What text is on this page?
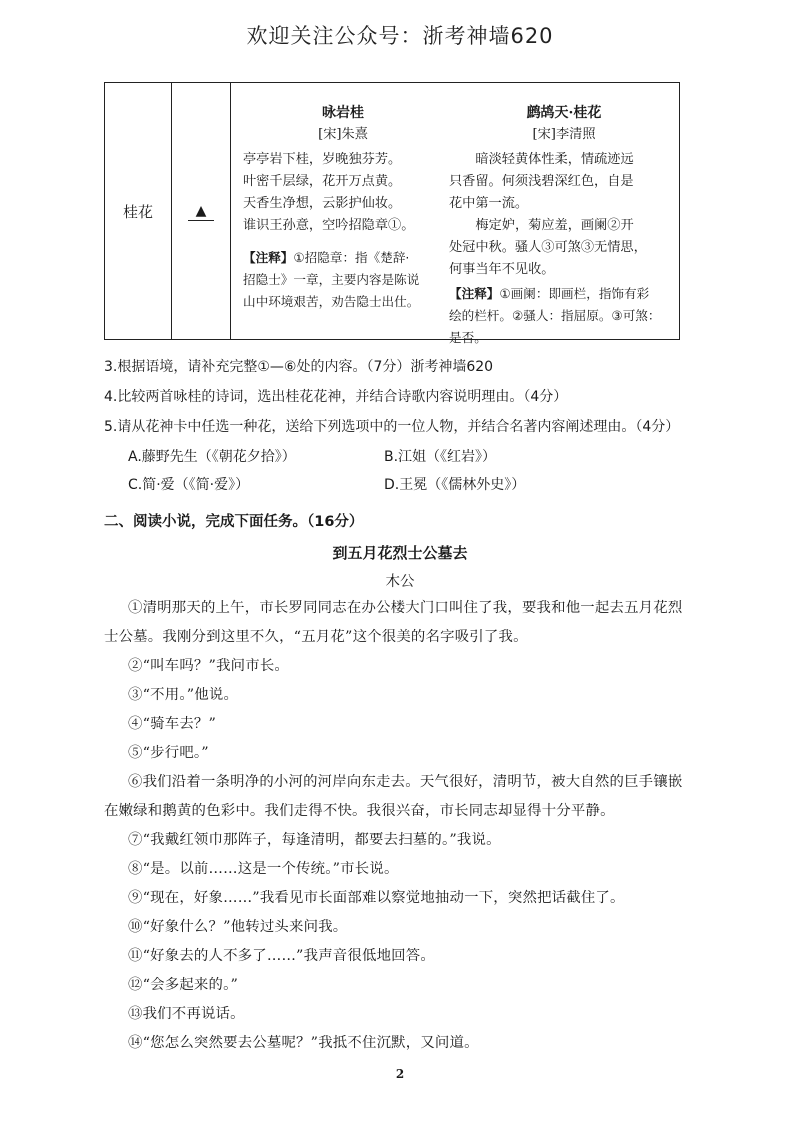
欢迎关注公众号：浙考神墙620
桂花	▲
咏岩桂
[宋]朱熹
亭亭岩下桂，岁晚独芬芳。
叶密千层绿，花开万点黄。
天香生净想，云影护仙妆。
谁识王孙意，空吟招隐章①。
【注释】①招隐章：指《楚辞·
招隐士》一章，主要内容是陈说
山中环境艰苦，劝告隐士出仕。
鹧鸪天·桂花
[宋]李清照
暗淡轻黄体性柔，情疏迹远
只香留。何须浅碧深红色，自是
花中第一流。
梅定妒，菊应羞，画阑②开
处冠中秋。骚人③可煞③无情思，
何事当年不见收。
【注释】①画阑：即画栏，指饰有彩
绘的栏杆。②骚人：指屈原。③可煞：
是否。
3.根据语境，请补充完整①—⑥处的内容。（7分）浙考神墙620
4.比较两首咏桂的诗词，选出桂花花神，并结合诗歌内容说明理由。（4分）
5.请从花神卡中任选一种花，送给下列选项中的一位人物，并结合名著内容阐述理由。（4分）
A.藤野先生（《朝花夕拾》）	B.江姐（《红岩》）
C.简·爱（《简·爱》）	D.王冕（《儒林外史》）
二、阅读小说，完成下面任务。（16分）
到五月花烈士公墓去
木公
①清明那天的上午，市长罗同同志在办公楼大门口叫住了我，要我和他一起去五月花烈
士公墓。我刚分到这里不久，“五月花”这个很美的名字吸引了我。
②“叫车吗？”我问市长。
③“不用。”他说。
④“骑车去？”
⑤“步行吧。”
⑥我们沿着一条明净的小河的河岸向东走去。天气很好，清明节，被大自然的巨手镶嵌
在嫩绿和鹅黄的色彩中。我们走得不快。我很兴奋，市长同志却显得十分平静。
⑦“我戴红领巾那阵子，每逢清明，都要去扫墓的。”我说。
⑧“是。以前……这是一个传统。”市长说。
⑨“现在，好象……”我看见市长面部难以察觉地抽动一下，突然把话截住了。
⑩“好象什么？”他转过头来问我。
⑪“好象去的人不多了……”我声音很低地回答。
⑫“会多起来的。”
⑬我们不再说话。
⑭“您怎么突然要去公墓呢？”我抵不住沉默，又问道。
2
